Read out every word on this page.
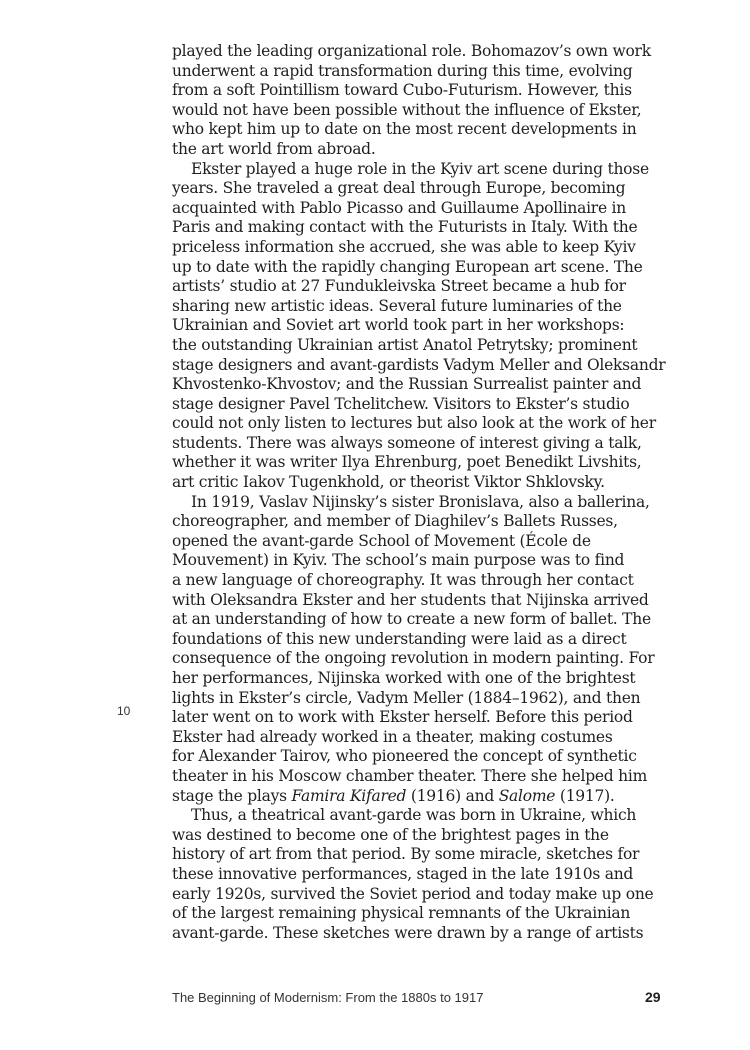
played the leading organizational role. Bohomazov’s own work
underwent a rapid transformation during this time, evolving
from a soft Pointillism toward Cubo-Futurism. However, this
would not have been possible without the influence of Ekster,
who kept him up to date on the most recent developments in
the art world from abroad.
Ekster played a huge role in the Kyiv art scene during those
years. She traveled a great deal through Europe, becoming
acquainted with Pablo Picasso and Guillaume Apollinaire in
Paris and making contact with the Futurists in Italy. With the
priceless information she accrued, she was able to keep Kyiv
up to date with the rapidly changing European art scene. The
artists’ studio at 27 Fundukleivska Street became a hub for
sharing new artistic ideas. Several future luminaries of the
Ukrainian and Soviet art world took part in her workshops:
the outstanding Ukrainian artist Anatol Petrytsky; prominent
stage designers and avant-gardists Vadym Meller and Oleksandr
Khvostenko-Khvostov; and the Russian Surrealist painter and
stage designer Pavel Tchelitchew. Visitors to Ekster’s studio
could not only listen to lectures but also look at the work of her
students. There was always someone of interest giving a talk,
whether it was writer Ilya Ehrenburg, poet Benedikt Livshits,
art critic Iakov Tugenkhold, or theorist Viktor Shklovsky.
In 1919, Vaslav Nijinsky’s sister Bronislava, also a ballerina,
choreographer, and member of Diaghilev’s Ballets Russes,
opened the avant-garde School of Movement (École de
Mouvement) in Kyiv. The school’s main purpose was to find
a new language of choreography. It was through her contact
with Oleksandra Ekster and her students that Nijinska arrived
at an understanding of how to create a new form of ballet. The
foundations of this new understanding were laid as a direct
consequence of the ongoing revolution in modern painting. For
her performances, Nijinska worked with one of the brightest
lights in Ekster’s circle, Vadym Meller (1884–1962), and then
later went on to work with Ekster herself. Before this period
Ekster had already worked in a theater, making costumes
for Alexander Tairov, who pioneered the concept of synthetic
theater in his Moscow chamber theater. There she helped him
stage the plays Famira Kifared (1916) and Salome (1917).
Thus, a theatrical avant-garde was born in Ukraine, which
was destined to become one of the brightest pages in the
history of art from that period. By some miracle, sketches for
these innovative performances, staged in the late 1910s and
early 1920s, survived the Soviet period and today make up one
of the largest remaining physical remnants of the Ukrainian
avant-garde. These sketches were drawn by a range of artists
10
The Beginning of Modernism: From the 1880s to 1917	29
